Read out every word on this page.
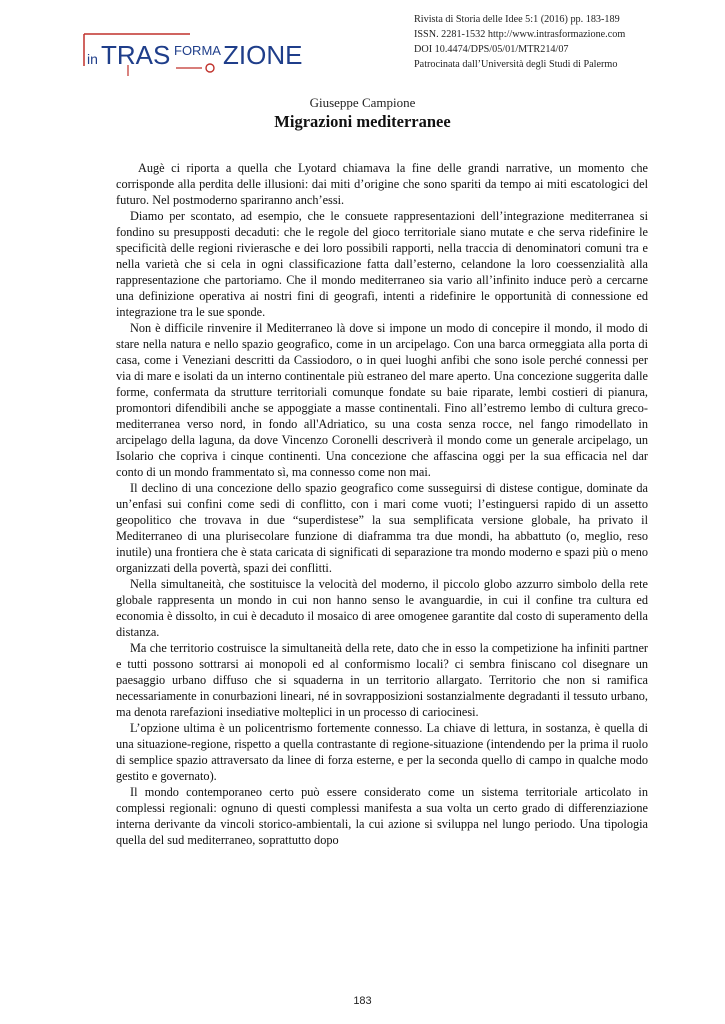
in TRAS FORMA ZIONE
Rivista di Storia delle Idee 5:1 (2016) pp. 183-189
ISSN. 2281-1532 http://www.intrasformazione.com
DOI 10.4474/DPS/05/01/MTR214/07
Patrocinata dall’Università degli Studi di Palermo
Giuseppe Campione
Migrazioni mediterranee

Augè ci riporta a quella che Lyotard chiamava la fine delle grandi narrative, un momento che corrisponde alla perdita delle illusioni: dai miti d’origine che sono spariti da tempo ai miti escatologici del futuro. Nel postmoderno spariranno anch’essi.

Diamo per scontato, ad esempio, che le consuete rappresentazioni dell’integrazione mediterranea si fondino su presupposti decaduti: che le regole del gioco territoriale siano mutate e che serva ridefinire le specificità delle regioni rivierasche e dei loro possibili rapporti, nella traccia di denominatori comuni tra e nella varietà che si cela in ogni classificazione fatta dall’esterno, celandone la loro coessenzialità alla rappresentazione che partoriamo. Che il mondo mediterraneo sia vario all’infinito induce però a cercarne una definizione operativa ai nostri fini di geografi, intenti a ridefinire le opportunità di connessione ed integrazione tra le sue sponde.

Non è difficile rinvenire il Mediterraneo là dove si impone un modo di concepire il mondo, il modo di stare nella natura e nello spazio geografico, come in un arcipelago. Con una barca ormeggiata alla porta di casa, come i Veneziani descritti da Cassiodoro, o in quei luoghi anfibi che sono isole perché connessi per via di mare e isolati da un interno continentale più estraneo del mare aperto. Una concezione suggerita dalle forme, confermata da strutture territoriali comunque fondate su baie riparate, lembi costieri di pianura, promontori difendibili anche se appoggiate a masse continentali. Fino all’estremo lembo di cultura greco-mediterranea verso nord, in fondo all'Adriatico, su una costa senza rocce, nel fango rimodellato in arcipelago della laguna, da dove Vincenzo Coronelli descriverà il mondo come un generale arcipelago, un Isolario che copriva i cinque continenti. Una concezione che affascina oggi per la sua efficacia nel dar conto di un mondo frammentato sì, ma connesso come non mai.

Il declino di una concezione dello spazio geografico come susseguirsi di distese contigue, dominate da un’enfasi sui confini come sedi di conflitto, con i mari come vuoti; l’estinguersi rapido di un assetto geopolitico che trovava in due “superdistese” la sua semplificata versione globale, ha privato il Mediterraneo di una plurisecolare funzione di diaframma tra due mondi, ha abbattuto (o, meglio, reso inutile) una frontiera che è stata caricata di significati di separazione tra mondo moderno e spazi più o meno organizzati della povertà, spazi dei conflitti.

Nella simultaneità, che sostituisce la velocità del moderno, il piccolo globo azzurro simbolo della rete globale rappresenta un mondo in cui non hanno senso le avanguardie, in cui il confine tra cultura ed economia è dissolto, in cui è decaduto il mosaico di aree omogenee garantite dal costo di superamento della distanza.

Ma che territorio costruisce la simultaneità della rete, dato che in esso la competizione ha infiniti partner e tutti possono sottrarsi ai monopoli ed al conformismo locali? ci sembra finiscano col disegnare un paesaggio urbano diffuso che si squaderna in un territorio allargato. Territorio che non si ramifica necessariamente in conurbazioni lineari, né in sovrapposizioni sostanzialmente degradanti il tessuto urbano, ma denota rarefazioni insediative molteplici in un processo di cariocinesi.

L’opzione ultima è un policentrismo fortemente connesso. La chiave di lettura, in sostanza, è quella di una situazione-regione, rispetto a quella contrastante di regione-situazione (intendendo per la prima il ruolo di semplice spazio attraversato da linee di forza esterne, e per la seconda quello di campo in qualche modo gestito e governato).

Il mondo contemporaneo certo può essere considerato come un sistema territoriale articolato in complessi regionali: ognuno di questi complessi manifesta a sua volta un certo grado di differenziazione interna derivante da vincoli storico-ambientali, la cui azione si sviluppa nel lungo periodo. Una tipologia quella del sud mediterraneo, soprattutto dopo

183
